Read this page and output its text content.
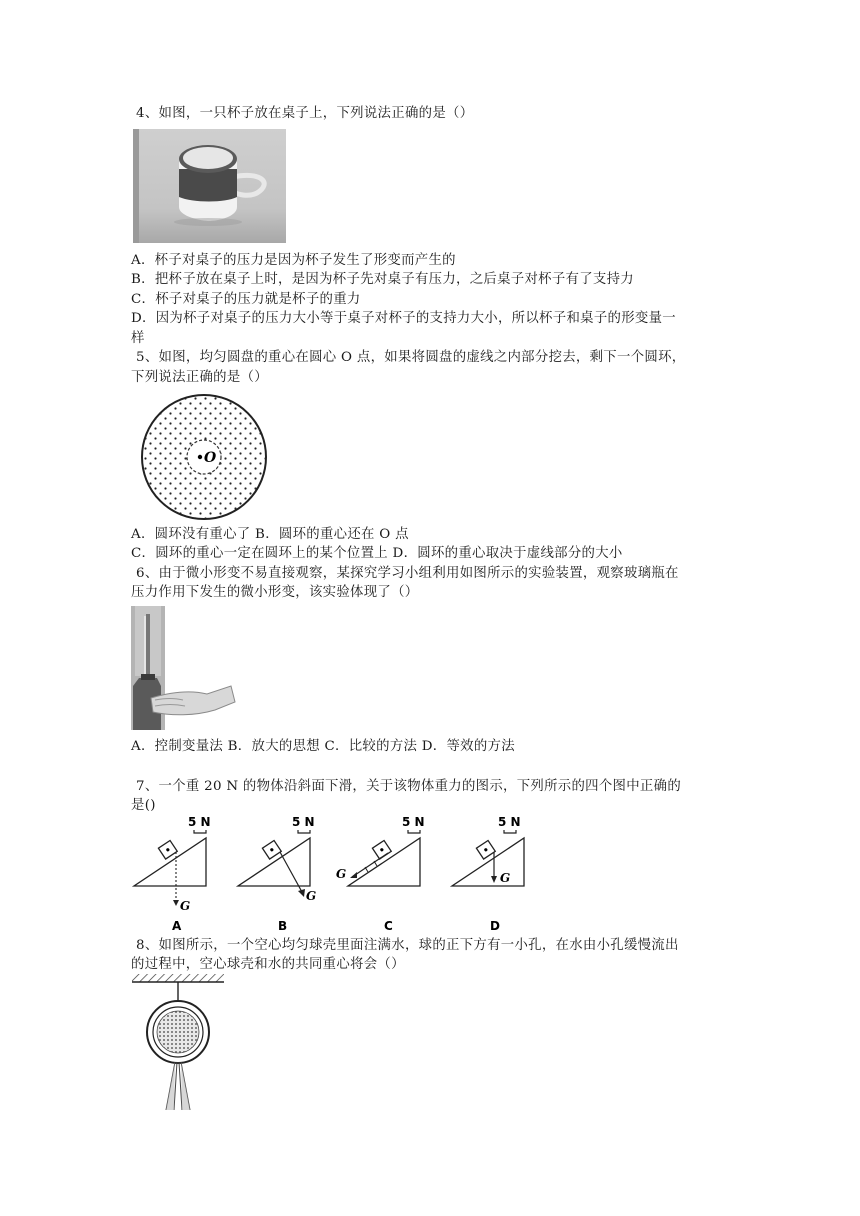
4、如图，一只杯子放在桌子上，下列说法正确的是（）
A．杯子对桌子的压力是因为杯子发生了形变而产生的
B．把杯子放在桌子上时，是因为杯子先对桌子有压力，之后桌子对杯子有了支持力
C．杯子对桌子的压力就是杯子的重力
D．因为杯子对桌子的压力大小等于桌子对杯子的支持力大小，所以杯子和桌子的形变量一
样
5、如图，均匀圆盘的重心在圆心 O 点，如果将圆盘的虚线之内部分挖去，剩下一个圆环，
下列说法正确的是（）
O
A．圆环没有重心了 B．圆环的重心还在 O 点
C．圆环的重心一定在圆环上的某个位置上 D．圆环的重心取决于虚线部分的大小
6、由于微小形变不易直接观察，某探究学习小组利用如图所示的实验装置，观察玻璃瓶在
压力作用下发生的微小形变，该实验体现了（）
A．控制变量法 B．放大的思想 C．比较的方法 D．等效的方法
7、一个重 20 N 的物体沿斜面下滑，关于该物体重力的图示，下列所示的四个图中正确的
是()
5 N
G
A
5 N
G
B
5 N
G
C
5 N
G
D
8、如图所示，一个空心均匀球壳里面注满水，球的正下方有一小孔，在水由小孔缓慢流出
的过程中，空心球壳和水的共同重心将会（）
